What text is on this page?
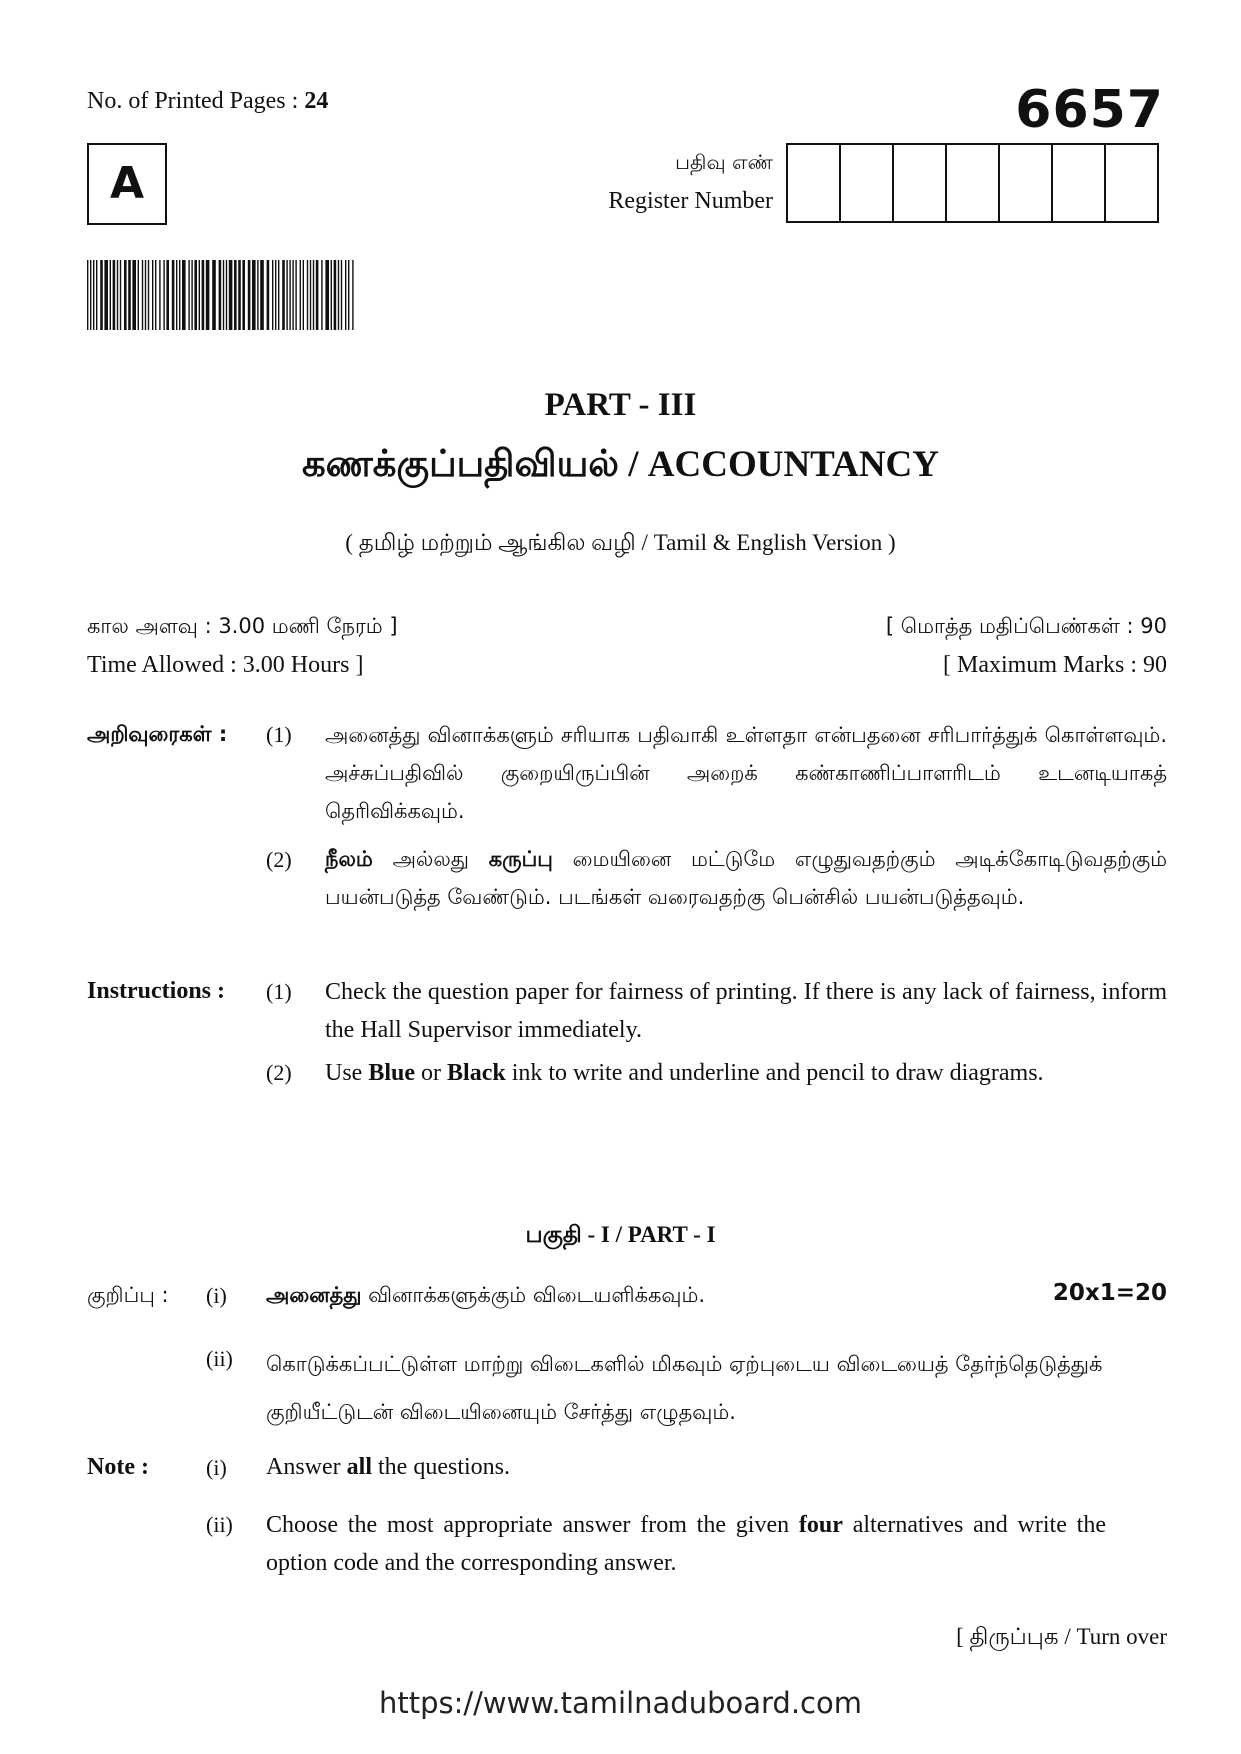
No. of Printed Pages : 24	6657
A	பதிவு எண்
Register Number
PART - III
கணக்குப்பதிவியல் / ACCOUNTANCY
( தமிழ் மற்றும் ஆங்கில வழி / Tamil & English Version )
கால அளவு : 3.00 மணி நேரம் ]
Time Allowed : 3.00 Hours ]
[ மொத்த மதிப்பெண்கள் : 90
[ Maximum Marks : 90
அறிவுரைகள் : (1) அனைத்து வினாக்களும் சரியாக பதிவாகி உள்ளதா என்பதனை சரிபார்த்துக் கொள்ளவும். அச்சுப்பதிவில் குறையிருப்பின் அறைக் கண்காணிப்பாளரிடம் உடனடியாகத் தெரிவிக்கவும்.
(2) நீலம் அல்லது கருப்பு மையினை மட்டுமே எழுதுவதற்கும் அடிக்கோடிடுவதற்கும் பயன்படுத்த வேண்டும். படங்கள் வரைவதற்கு பென்சில் பயன்படுத்தவும்.
Instructions : (1) Check the question paper for fairness of printing. If there is any lack of fairness, inform the Hall Supervisor immediately.
(2) Use Blue or Black ink to write and underline and pencil to draw diagrams.
பகுதி - I / PART - I
குறிப்பு : (i) அனைத்து வினாக்களுக்கும் விடையளிக்கவும்.	20x1=20
(ii) கொடுக்கப்பட்டுள்ள மாற்று விடைகளில் மிகவும் ஏற்புடைய விடையைத் தேர்ந்தெடுத்துக் குறியீட்டுடன் விடையினையும் சேர்த்து எழுதவும்.
Note :	(i) Answer all the questions.
(ii) Choose the most appropriate answer from the given four alternatives and write the option code and the corresponding answer.
[ திருப்புக / Turn over
https://www.tamilnaduboard.com
